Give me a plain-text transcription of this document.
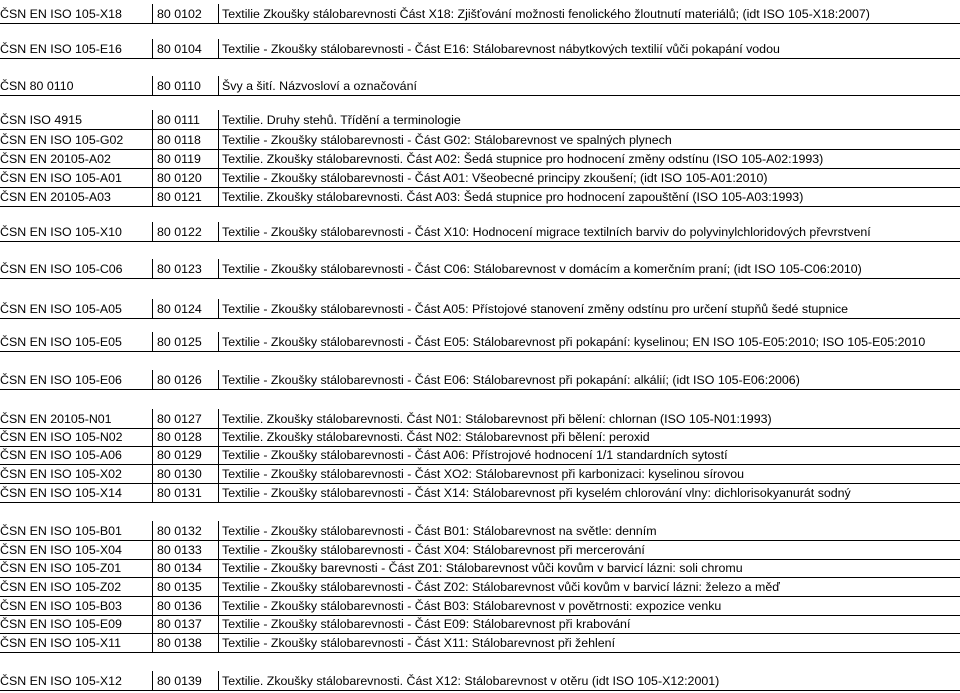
ČSN EN ISO 105-X18	80 0102	Textilie Zkoušky stálobarevnosti Část X18: Zjišťování možnosti fenolického žloutnutí materiálů; (idt ISO 105-X18:2007)
ČSN EN ISO 105-E16	80 0104	Textilie - Zkoušky stálobarevnosti - Část E16: Stálobarevnost nábytkových textilií vůči pokapání vodou
ČSN 80 0110	80 0110	Švy a šití. Názvosloví a označování
ČSN ISO 4915	80 0111	Textilie. Druhy stehů. Třídění a terminologie
ČSN EN ISO 105-G02	80 0118	Textilie - Zkoušky stálobarevnosti - Část G02: Stálobarevnost ve spalných plynech
ČSN EN 20105-A02	80 0119	Textilie. Zkoušky stálobarevnosti. Část A02: Šedá stupnice pro hodnocení změny odstínu (ISO 105-A02:1993)
ČSN EN ISO 105-A01	80 0120	Textilie - Zkoušky stálobarevnosti - Část A01: Všeobecné principy zkoušení; (idt ISO 105-A01:2010)
ČSN EN 20105-A03	80 0121	Textilie. Zkoušky stálobarevnosti. Část A03: Šedá stupnice pro hodnocení zapouštění (ISO 105-A03:1993)
ČSN EN ISO 105-X10	80 0122	Textilie - Zkoušky stálobarevnosti - Část X10: Hodnocení migrace textilních barviv do polyvinylchloridových převrstvení
ČSN EN ISO 105-C06	80 0123	Textilie - Zkoušky stálobarevnosti - Část C06: Stálobarevnost v domácím a komerčním praní; (idt ISO 105-C06:2010)
ČSN EN ISO 105-A05	80 0124	Textilie - Zkoušky stálobarevnosti - Část A05: Přístojové stanovení změny odstínu pro určení stupňů šedé stupnice
ČSN EN ISO 105-E05	80 0125	Textilie - Zkoušky stálobarevnosti - Část E05: Stálobarevnost při pokapání: kyselinou; EN ISO 105-E05:2010; ISO 105-E05:2010
ČSN EN ISO 105-E06	80 0126	Textilie - Zkoušky stálobarevnosti - Část E06: Stálobarevnost při pokapání: alkálií; (idt ISO 105-E06:2006)
ČSN EN 20105-N01	80 0127	Textilie. Zkoušky stálobarevnosti. Část N01: Stálobarevnost při bělení: chlornan (ISO 105-N01:1993)
ČSN EN ISO 105-N02	80 0128	Textilie. Zkoušky stálobarevnosti. Část N02: Stálobarevnost při bělení: peroxid
ČSN EN ISO 105-A06	80 0129	Textilie - Zkoušky stálobarevnosti - Část A06: Přístrojové hodnocení 1/1 standardních sytostí
ČSN EN ISO 105-X02	80 0130	Textilie - Zkoušky stálobarevnosti - Část XO2: Stálobarevnost při karbonizaci: kyselinou sírovou
ČSN EN ISO 105-X14	80 0131	Textilie - Zkoušky stálobarevnosti - Část X14: Stálobarevnost při kyselém chlorování vlny: dichlorisokyanurát sodný
ČSN EN ISO 105-B01	80 0132	Textilie - Zkoušky stálobarevnosti - Část B01: Stálobarevnost na světle: denním
ČSN EN ISO 105-X04	80 0133	Textilie - Zkoušky stálobarevnosti - Část X04: Stálobarevnost při mercerování
ČSN EN ISO 105-Z01	80 0134	Textilie - Zkoušky barevnosti - Část Z01: Stálobarevnost vůči kovům v barvicí lázni: soli chromu
ČSN EN ISO 105-Z02	80 0135	Textilie - Zkoušky stálobarevnosti - Část Z02: Stálobarevnost vůči kovům v barvicí lázni: železo a měď
ČSN EN ISO 105-B03	80 0136	Textilie - Zkoušky stálobarevnosti - Část B03: Stálobarevnost v povětrnosti: expozice venku
ČSN EN ISO 105-E09	80 0137	Textilie - Zkoušky stálobarevnosti - Část E09: Stálobarevnost při krabování
ČSN EN ISO 105-X11	80 0138	Textilie - Zkoušky stálobarevnosti - Část X11: Stálobarevnost při žehlení
ČSN EN ISO 105-X12	80 0139	Textilie. Zkoušky stálobarevnosti. Část X12: Stálobarevnost v otěru (idt ISO 105-X12:2001)
